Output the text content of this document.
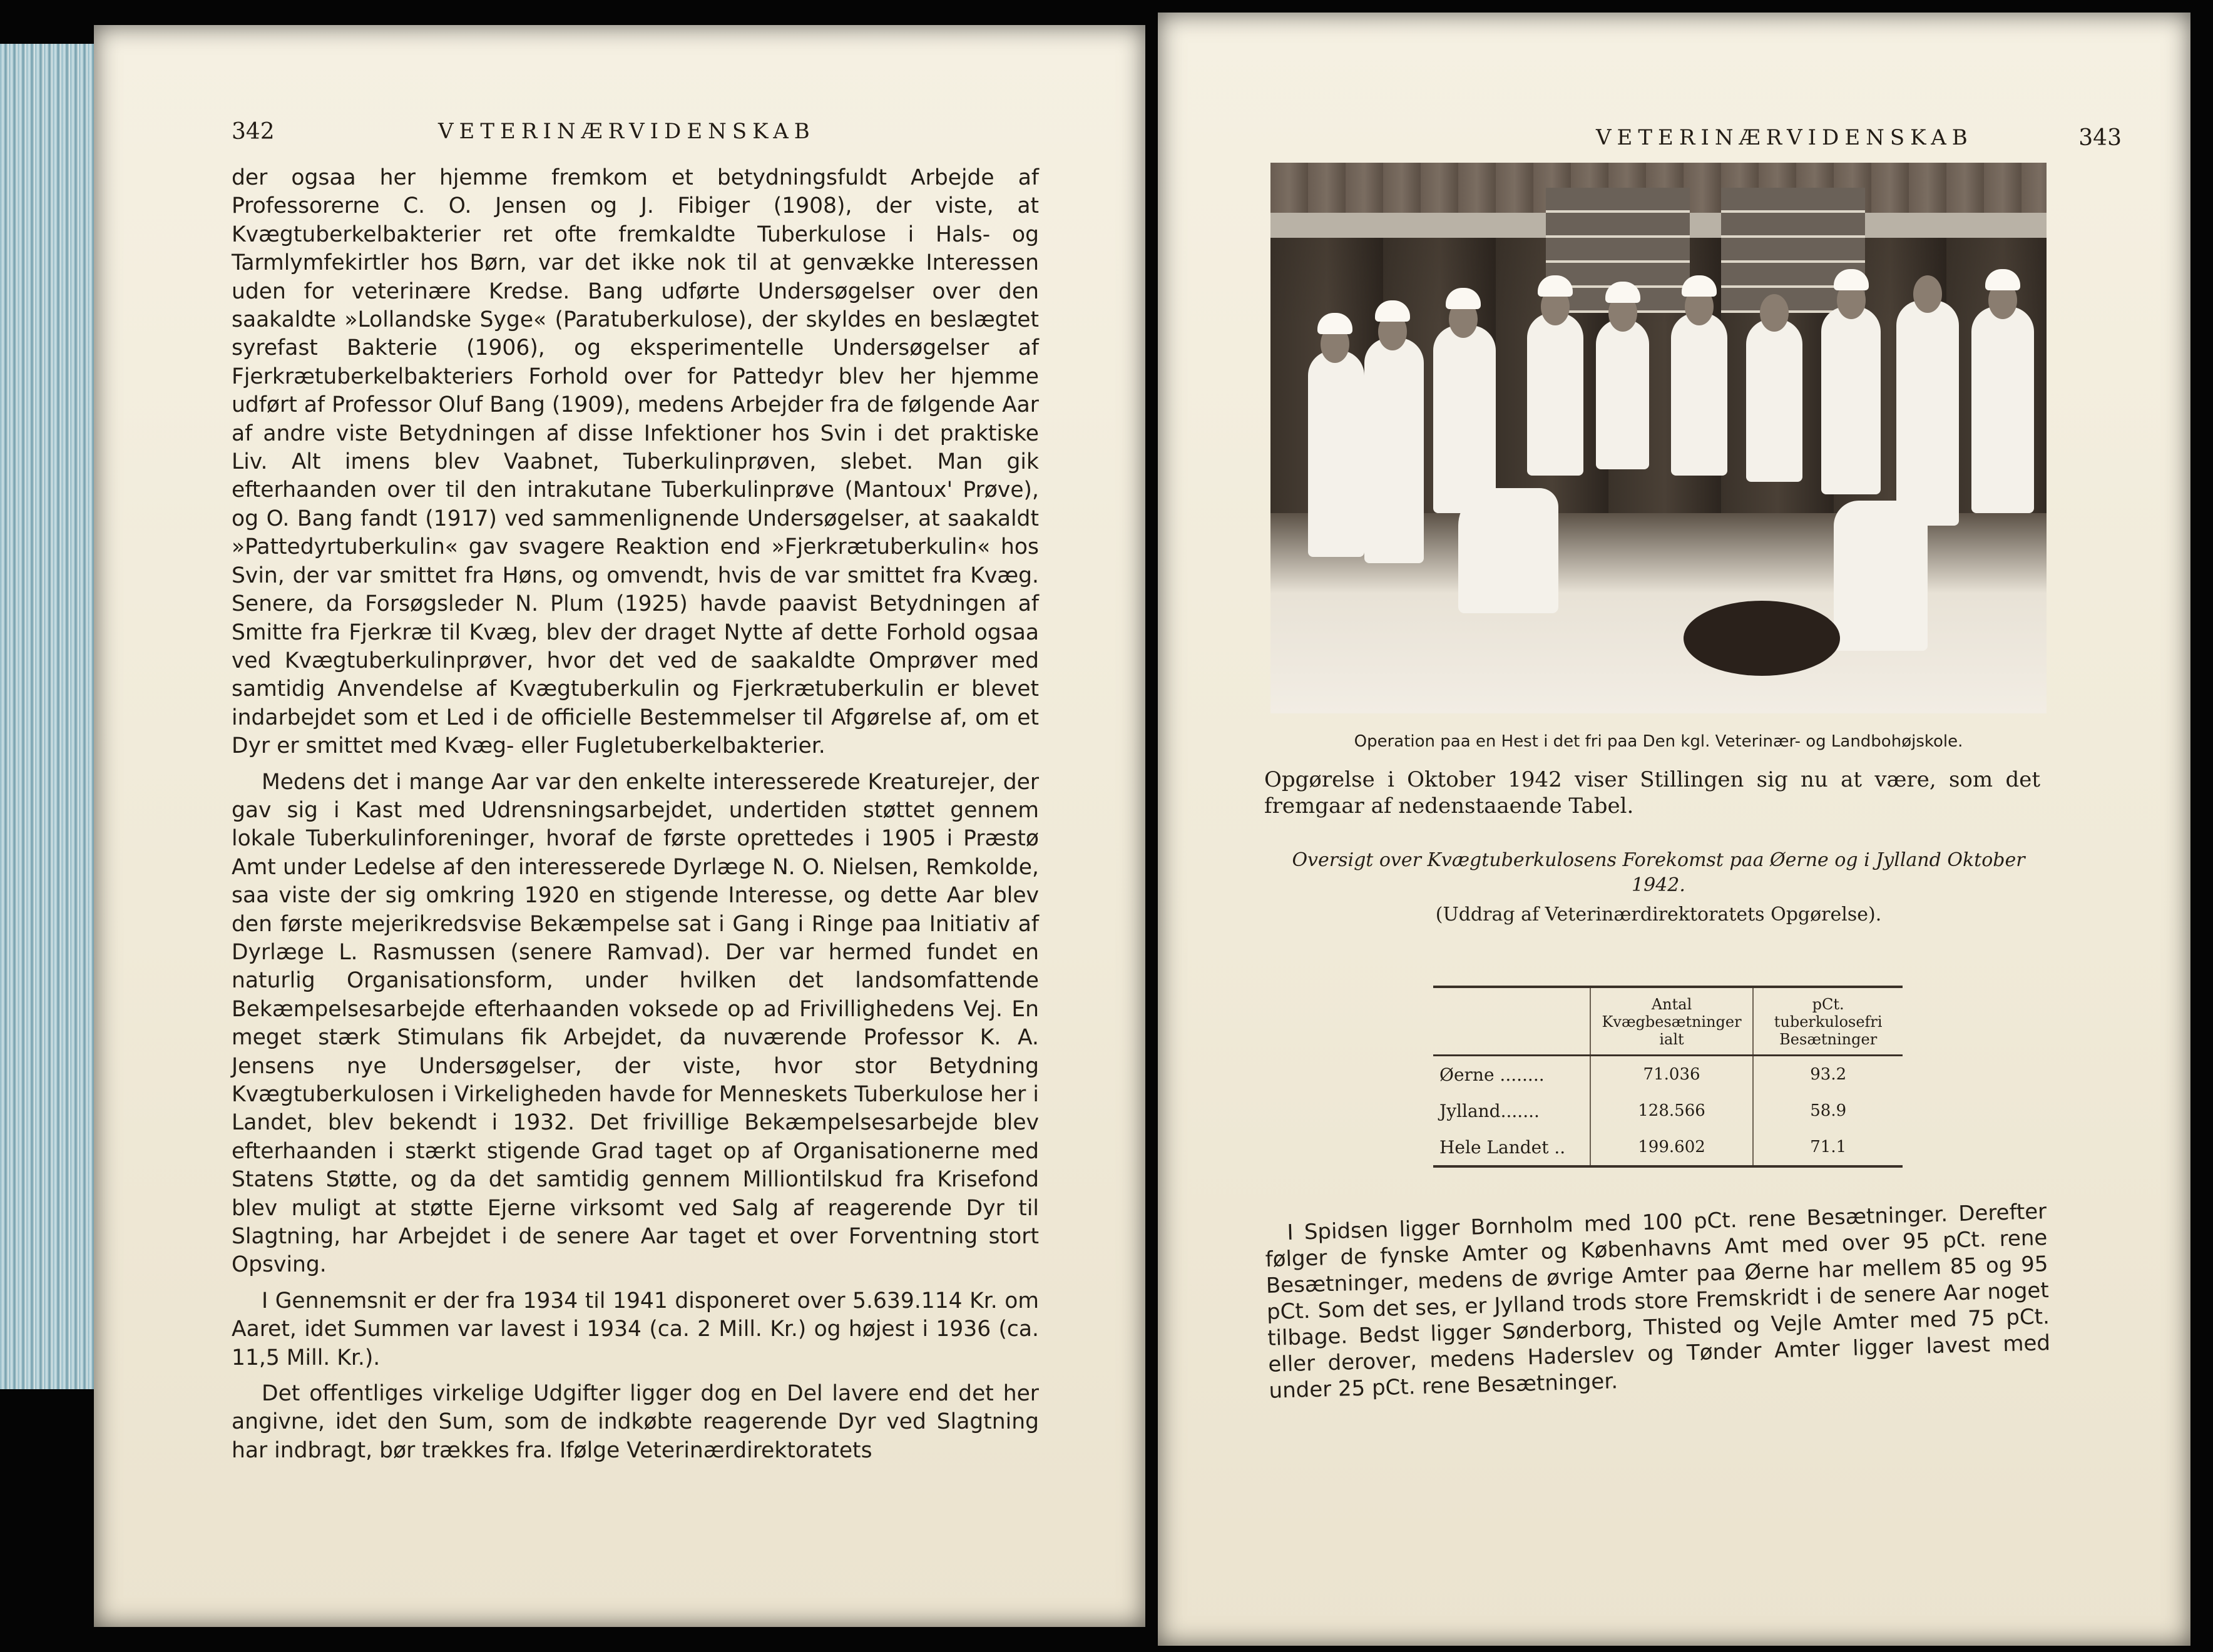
342	VETERINÆRVIDENSKAB

der ogsaa her hjemme fremkom et betydningsfuldt Arbejde af Professorerne C. O. Jensen og J. Fibiger (1908), der viste, at Kvægtuberkelbakterier ret ofte fremkaldte Tuberkulose i Hals- og Tarmlymfekirtler hos Børn, var det ikke nok til at genvække Interessen uden for veterinære Kredse. Bang udførte Undersøgelser over den saakaldte »Lollandske Syge« (Paratuberkulose), der skyldes en beslægtet syrefast Bakterie (1906), og eksperimentelle Undersøgelser af Fjerkrætuberkelbakteriers Forhold over for Pattedyr blev her hjemme udført af Professor Oluf Bang (1909), medens Arbejder fra de følgende Aar af andre viste Betydningen af disse Infektioner hos Svin i det praktiske Liv. Alt imens blev Vaabnet, Tuberkulinprøven, slebet. Man gik efterhaanden over til den intrakutane Tuberkulinprøve (Mantoux' Prøve), og O. Bang fandt (1917) ved sammenlignende Undersøgelser, at saakaldt »Pattedyrtuberkulin« gav svagere Reaktion end »Fjerkrætuberkulin« hos Svin, der var smittet fra Høns, og omvendt, hvis de var smittet fra Kvæg. Senere, da Forsøgsleder N. Plum (1925) havde paavist Betydningen af Smitte fra Fjerkræ til Kvæg, blev der draget Nytte af dette Forhold ogsaa ved Kvægtuberkulinprøver, hvor det ved de saakaldte Omprøver med samtidig Anvendelse af Kvægtuberkulin og Fjerkrætuberkulin er blevet indarbejdet som et Led i de officielle Bestemmelser til Afgørelse af, om et Dyr er smittet med Kvæg- eller Fugletuberkelbakterier.

Medens det i mange Aar var den enkelte interesserede Kreaturejer, der gav sig i Kast med Udrensningsarbejdet, undertiden støttet gennem lokale Tuberkulinforeninger, hvoraf de første oprettedes i 1905 i Præstø Amt under Ledelse af den interesserede Dyrlæge N. O. Nielsen, Remkolde, saa viste der sig omkring 1920 en stigende Interesse, og dette Aar blev den første mejerikredsvise Bekæmpelse sat i Gang i Ringe paa Initiativ af Dyrlæge L. Rasmussen (senere Ramvad). Der var hermed fundet en naturlig Organisationsform, under hvilken det landsomfattende Bekæmpelsesarbejde efterhaanden voksede op ad Frivillighedens Vej. En meget stærk Stimulans fik Arbejdet, da nuværende Professor K. A. Jensens nye Undersøgelser, der viste, hvor stor Betydning Kvægtuberkulosen i Virkeligheden havde for Menneskets Tuberkulose her i Landet, blev bekendt i 1932. Det frivillige Bekæmpelsesarbejde blev efterhaanden i stærkt stigende Grad taget op af Organisationerne med Statens Støtte, og da det samtidig gennem Milliontilskud fra Krisefond blev muligt at støtte Ejerne virksomt ved Salg af reagerende Dyr til Slagtning, har Arbejdet i de senere Aar taget et over Forventning stort Opsving.

I Gennemsnit er der fra 1934 til 1941 disponeret over 5.639.114 Kr. om Aaret, idet Summen var lavest i 1934 (ca. 2 Mill. Kr.) og højest i 1936 (ca. 11,5 Mill. Kr.).

Det offentliges virkelige Udgifter ligger dog en Del lavere end det her angivne, idet den Sum, som de indkøbte reagerende Dyr ved Slagtning har indbragt, bør trækkes fra. Ifølge Veterinærdirektoratets

VETERINÆRVIDENSKAB	343
Operation paa en Hest i det fri paa Den kgl. Veterinær- og Landbohøjskole.

Opgørelse i Oktober 1942 viser Stillingen sig nu at være, som det fremgaar af nedenstaaende Tabel.

Oversigt over Kvægtuberkulosens Forekomst paa Øerne og i Jylland Oktober 1942.
(Uddrag af Veterinærdirektoratets Opgørelse).
	Antal Kvægbesætninger ialt	pCt. tuberkulosefri Besætninger
Øerne ........	71.036	93.2
Jylland.......	128.566	58.9
Hele Landet ..	199.602	71.1

I Spidsen ligger Bornholm med 100 pCt. rene Besætninger. Derefter følger de fynske Amter og Københavns Amt med over 95 pCt. rene Besætninger, medens de øvrige Amter paa Øerne har mellem 85 og 95 pCt. Som det ses, er Jylland trods store Fremskridt i de senere Aar noget tilbage. Bedst ligger Sønderborg, Thisted og Vejle Amter med 75 pCt. eller derover, medens Haderslev og Tønder Amter ligger lavest med under 25 pCt. rene Besætninger.
